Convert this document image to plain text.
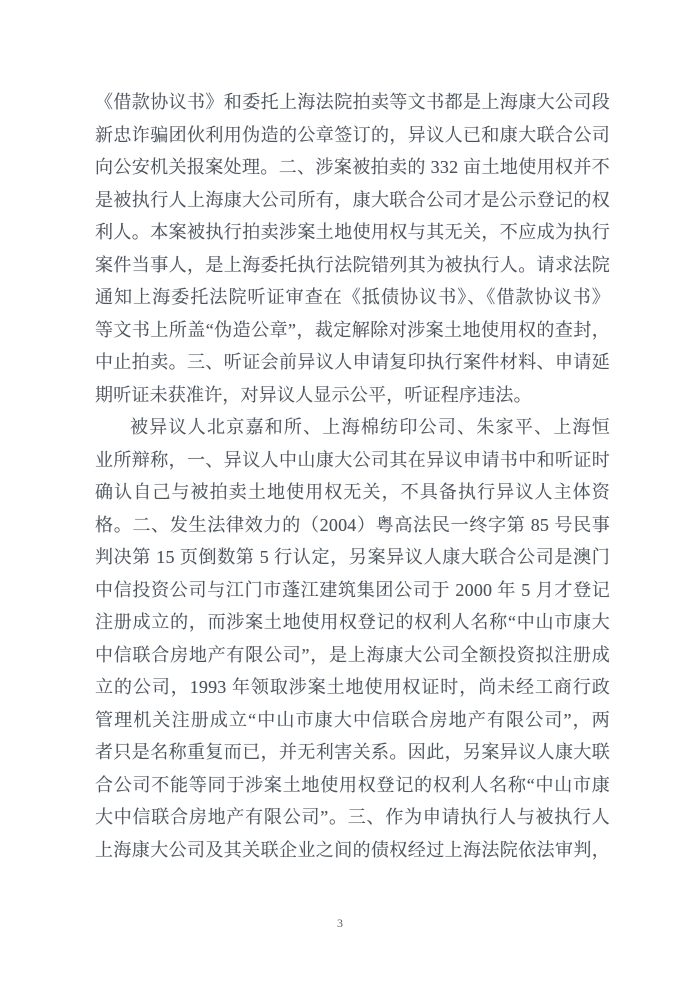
《借款协议书》和委托上海法院拍卖等文书都是上海康大公司段
新忠诈骗团伙利用伪造的公章签订的，异议人已和康大联合公司
向公安机关报案处理。二、涉案被拍卖的 332 亩土地使用权并不
是被执行人上海康大公司所有，康大联合公司才是公示登记的权
利人。本案被执行拍卖涉案土地使用权与其无关，不应成为执行
案件当事人，是上海委托执行法院错列其为被执行人。请求法院
通知上海委托法院听证审查在《抵债协议书》、《借款协议书》
等文书上所盖“伪造公章”，裁定解除对涉案土地使用权的查封，
中止拍卖。三、听证会前异议人申请复印执行案件材料、申请延
期听证未获准许，对异议人显示公平，听证程序违法。
被异议人北京嘉和所、上海棉纺印公司、朱家平、上海恒
业所辩称，一、异议人中山康大公司其在异议申请书中和听证时
确认自己与被拍卖土地使用权无关，不具备执行异议人主体资
格。二、发生法律效力的（2004）粤高法民一终字第 85 号民事
判决第 15 页倒数第 5 行认定，另案异议人康大联合公司是澳门
中信投资公司与江门市蓬江建筑集团公司于 2000 年 5 月才登记
注册成立的，而涉案土地使用权登记的权利人名称“中山市康大
中信联合房地产有限公司”，是上海康大公司全额投资拟注册成
立的公司，1993 年领取涉案土地使用权证时，尚未经工商行政
管理机关注册成立“中山市康大中信联合房地产有限公司”，两
者只是名称重复而已，并无利害关系。因此，另案异议人康大联
合公司不能等同于涉案土地使用权登记的权利人名称“中山市康
大中信联合房地产有限公司”。三、作为申请执行人与被执行人
上海康大公司及其关联企业之间的债权经过上海法院依法审判，
3
